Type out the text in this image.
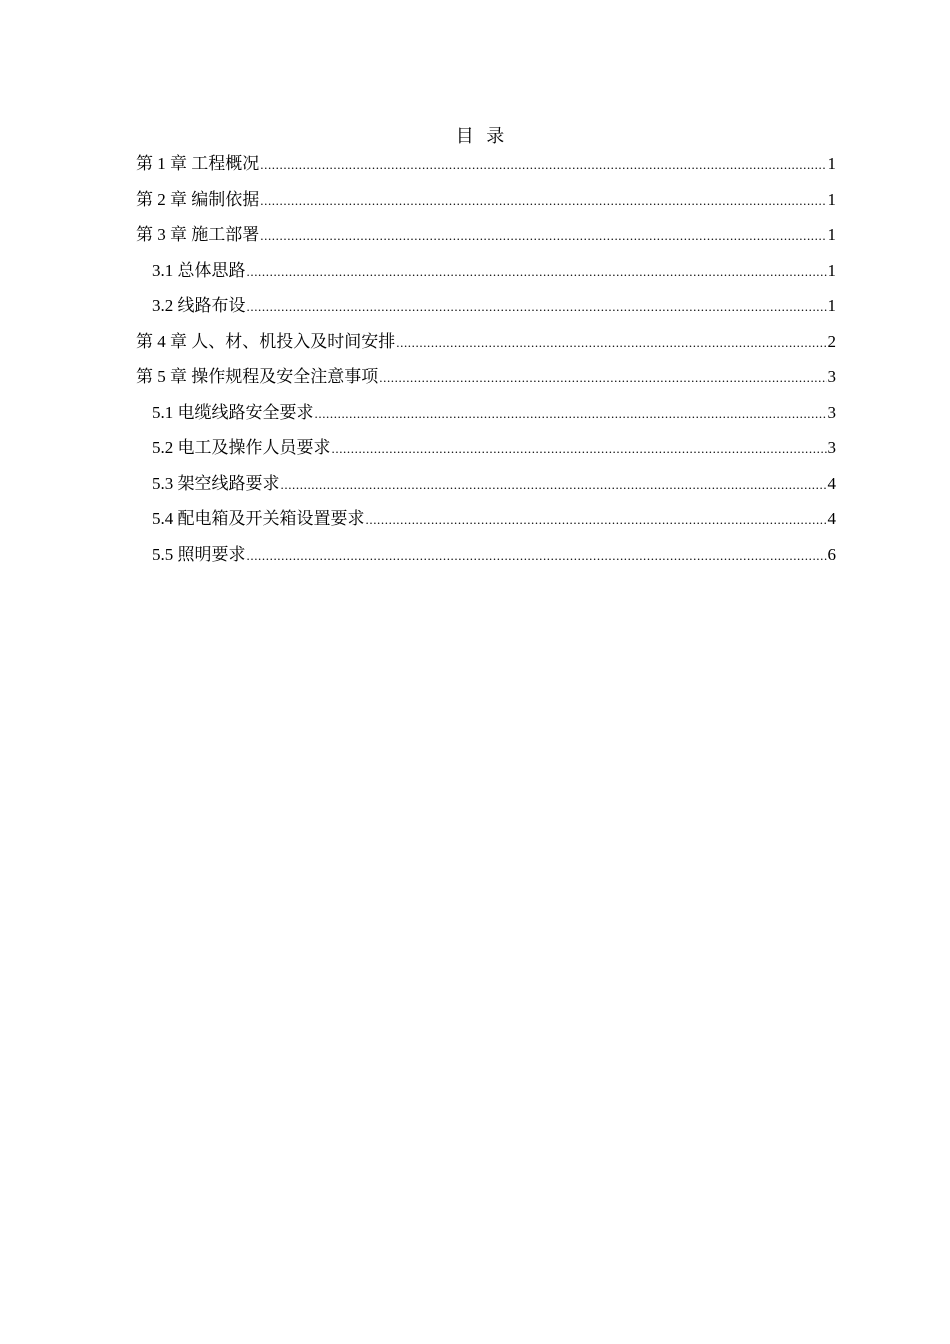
目 录
第 1 章 工程概况 .....	1
第 2 章 编制依据 .....	1
第 3 章 施工部署 .....	1
3.1 总体思路 .....	1
3.2 线路布设 .....	1
第 4 章 人、材、机投入及时间安排 .....	2
第 5 章 操作规程及安全注意事项 .....	3
5.1 电缆线路安全要求 .....	3
5.2 电工及操作人员要求 .....	3
5.3 架空线路要求 .....	4
5.4 配电箱及开关箱设置要求 .....	4
5.5 照明要求 .....	6
